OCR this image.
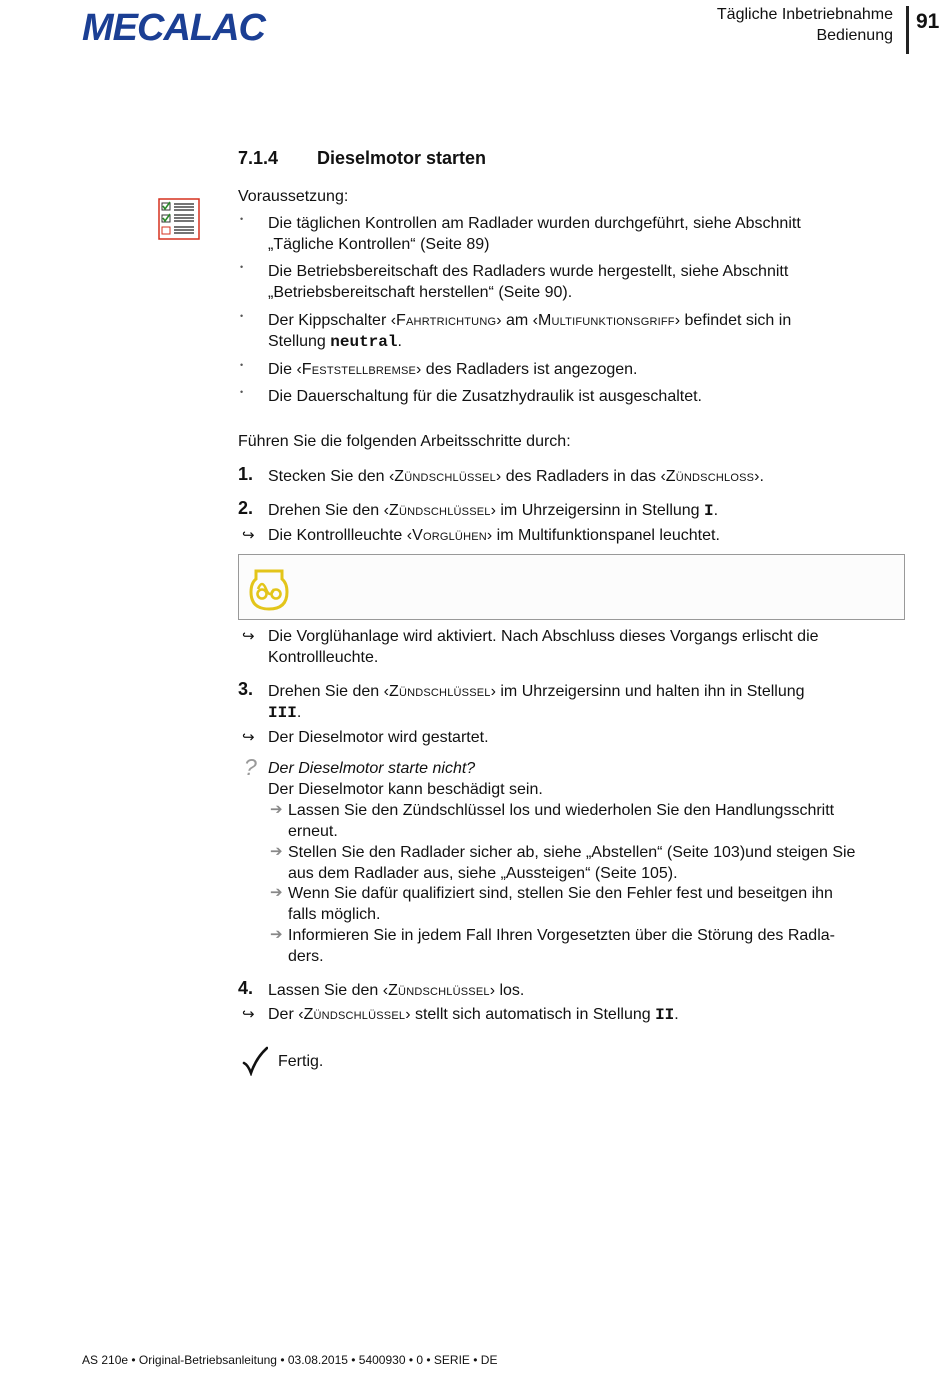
MECALAC	Tägliche Inbetriebnahme
Bedienung
91
7.1.4 Dieselmotor starten
Voraussetzung:
• Die täglichen Kontrollen am Radlader wurden durchgeführt, siehe Abschnitt
„Tägliche Kontrollen“ (Seite 89)
• Die Betriebsbereitschaft des Radladers wurde hergestellt, siehe Abschnitt
„Betriebsbereitschaft herstellen“ (Seite 90).
• Der Kippschalter ‹Fahrtrichtung› am ‹Multifunktionsgriff› befindet sich in
Stellung neutral.
• Die ‹Feststellbremse› des Radladers ist angezogen.
• Die Dauerschaltung für die Zusatzhydraulik ist ausgeschaltet.
Führen Sie die folgenden Arbeitsschritte durch:
1. Stecken Sie den ‹Zündschlüssel› des Radladers in das ‹Zündschloss›.
2. Drehen Sie den ‹Zündschlüssel› im Uhrzeigersinn in Stellung I.
↪ Die Kontrollleuchte ‹Vorglühen› im Multifunktionspanel leuchtet.
↪ Die Vorglühanlage wird aktiviert. Nach Abschluss dieses Vorgangs erlischt die
Kontrollleuchte.
3. Drehen Sie den ‹Zündschlüssel› im Uhrzeigersinn und halten ihn in Stellung
III.
↪ Der Dieselmotor wird gestartet.
? Der Dieselmotor starte nicht?
Der Dieselmotor kann beschädigt sein.
➔ Lassen Sie den Zündschlüssel los und wiederholen Sie den Handlungsschritt
erneut.
➔ Stellen Sie den Radlader sicher ab, siehe „Abstellen“ (Seite 103)und steigen Sie
aus dem Radlader aus, siehe „Aussteigen“ (Seite 105).
➔ Wenn Sie dafür qualifiziert sind, stellen Sie den Fehler fest und beseitgen ihn
falls möglich.
➔ Informieren Sie in jedem Fall Ihren Vorgesetzten über die Störung des Radla-
ders.
4. Lassen Sie den ‹Zündschlüssel› los.
↪ Der ‹Zündschlüssel› stellt sich automatisch in Stellung II.
Fertig.
AS 210e • Original-Betriebsanleitung • 03.08.2015 • 5400930 • 0 • SERIE • DE
